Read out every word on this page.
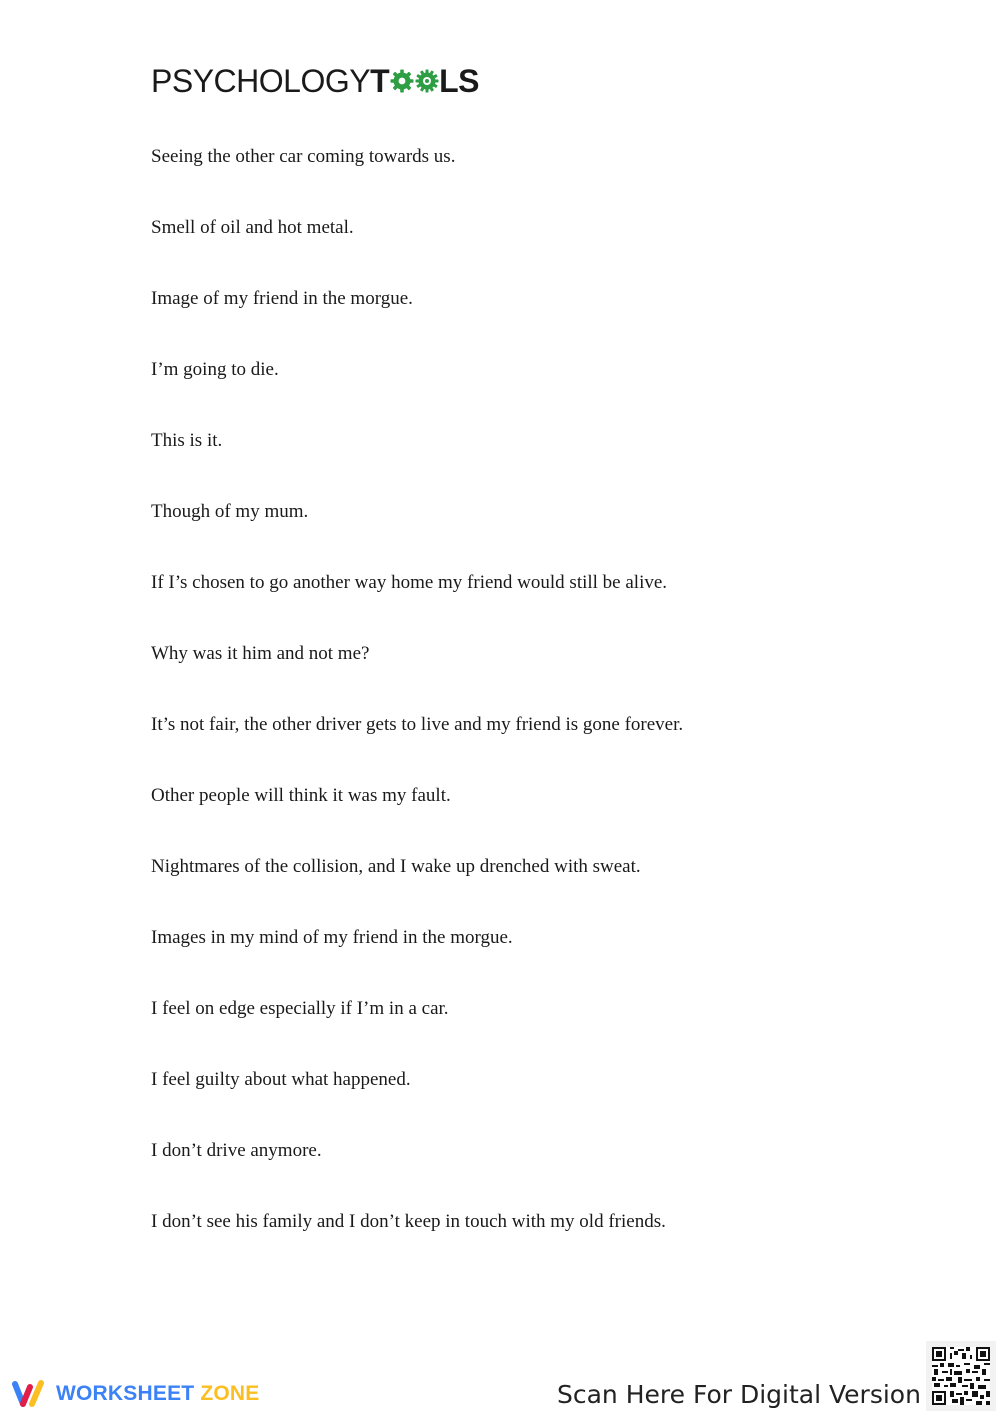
PSYCHOLOGY T LS
Seeing the other car coming towards us.
Smell of oil and hot metal.
Image of my friend in the morgue.
I’m going to die.
This is it.
Though of my mum.
If I’s chosen to go another way home my friend would still be alive.
Why was it him and not me?
It’s not fair, the other driver gets to live and my friend is gone forever.
Other people will think it was my fault.
Nightmares of the collision, and I wake up drenched with sweat.
Images in my mind of my friend in the morgue.
I feel on edge especially if I’m in a car.
I feel guilty about what happened.
I don’t drive anymore.
I don’t see his family and I don’t keep in touch with my old friends.
WORKSHEET ZONE	Scan Here For Digital Version
